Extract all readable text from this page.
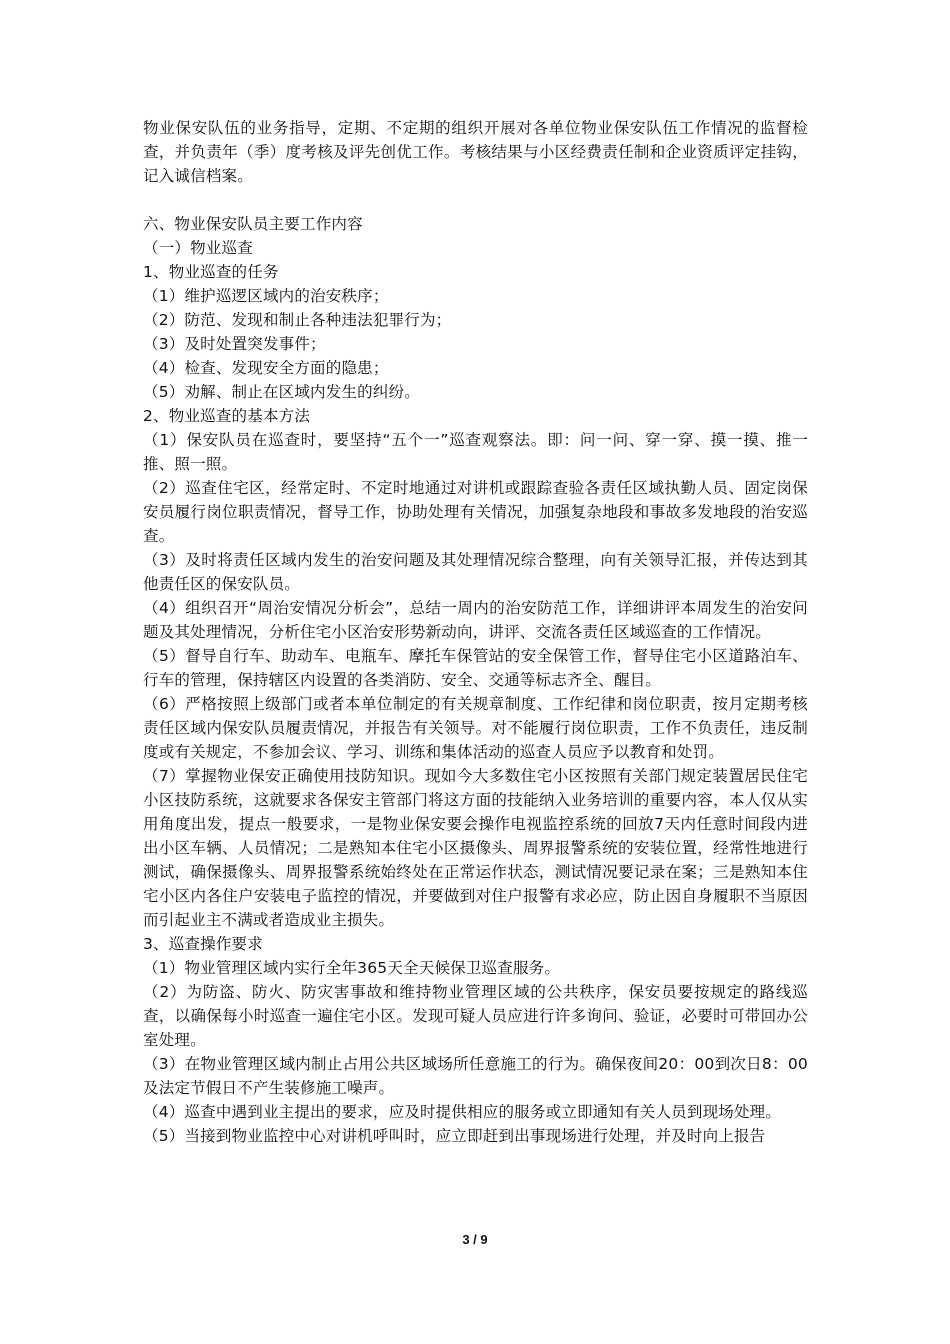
物业保安队伍的业务指导，定期、不定期的组织开展对各单位物业保安队伍工作情况的监督检查，并负责年（季）度考核及评先创优工作。考核结果与小区经费责任制和企业资质评定挂钩，记入诚信档案。

六、物业保安队员主要工作内容

（一）物业巡查

1、物业巡查的任务

（1）维护巡逻区域内的治安秩序；

（2）防范、发现和制止各种违法犯罪行为；

（3）及时处置突发事件；

（4）检查、发现安全方面的隐患；

（5）劝解、制止在区域内发生的纠纷。

2、物业巡查的基本方法

（1）保安队员在巡查时，要坚持“五个一”巡查观察法。即：问一问、穿一穿、摸一摸、推一推、照一照。

（2）巡查住宅区，经常定时、不定时地通过对讲机或跟踪查验各责任区域执勤人员、固定岗保安员履行岗位职责情况，督导工作，协助处理有关情况，加强复杂地段和事故多发地段的治安巡查。

（3）及时将责任区域内发生的治安问题及其处理情况综合整理，向有关领导汇报，并传达到其他责任区的保安队员。

（4）组织召开“周治安情况分析会”，总结一周内的治安防范工作，详细讲评本周发生的治安问题及其处理情况，分析住宅小区治安形势新动向，讲评、交流各责任区域巡查的工作情况。

（5）督导自行车、助动车、电瓶车、摩托车保管站的安全保管工作，督导住宅小区道路泊车、行车的管理，保持辖区内设置的各类消防、安全、交通等标志齐全、醒目。

（6）严格按照上级部门或者本单位制定的有关规章制度、工作纪律和岗位职责，按月定期考核责任区域内保安队员履责情况，并报告有关领导。对不能履行岗位职责，工作不负责任，违反制度或有关规定，不参加会议、学习、训练和集体活动的巡查人员应予以教育和处罚。

（7）掌握物业保安正确使用技防知识。现如今大多数住宅小区按照有关部门规定装置居民住宅小区技防系统，这就要求各保安主管部门将这方面的技能纳入业务培训的重要内容，本人仅从实用角度出发，提点一般要求，一是物业保安要会操作电视监控系统的回放7天内任意时间段内进出小区车辆、人员情况；二是熟知本住宅小区摄像头、周界报警系统的安装位置，经常性地进行测试，确保摄像头、周界报警系统始终处在正常运作状态，测试情况要记录在案；三是熟知本住宅小区内各住户安装电子监控的情况，并要做到对住户报警有求必应，防止因自身履职不当原因而引起业主不满或者造成业主损失。

3、巡查操作要求

（1）物业管理区域内实行全年365天全天候保卫巡查服务。

（2）为防盗、防火、防灾害事故和维持物业管理区域的公共秩序，保安员要按规定的路线巡查，以确保每小时巡查一遍住宅小区。发现可疑人员应进行许多询问、验证，必要时可带回办公室处理。

（3）在物业管理区域内制止占用公共区域场所任意施工的行为。确保夜间20：00到次日8：00及法定节假日不产生装修施工噪声。

（4）巡查中遇到业主提出的要求，应及时提供相应的服务或立即通知有关人员到现场处理。

（5）当接到物业监控中心对讲机呼叫时，应立即赶到出事现场进行处理，并及时向上报告

3 / 9
